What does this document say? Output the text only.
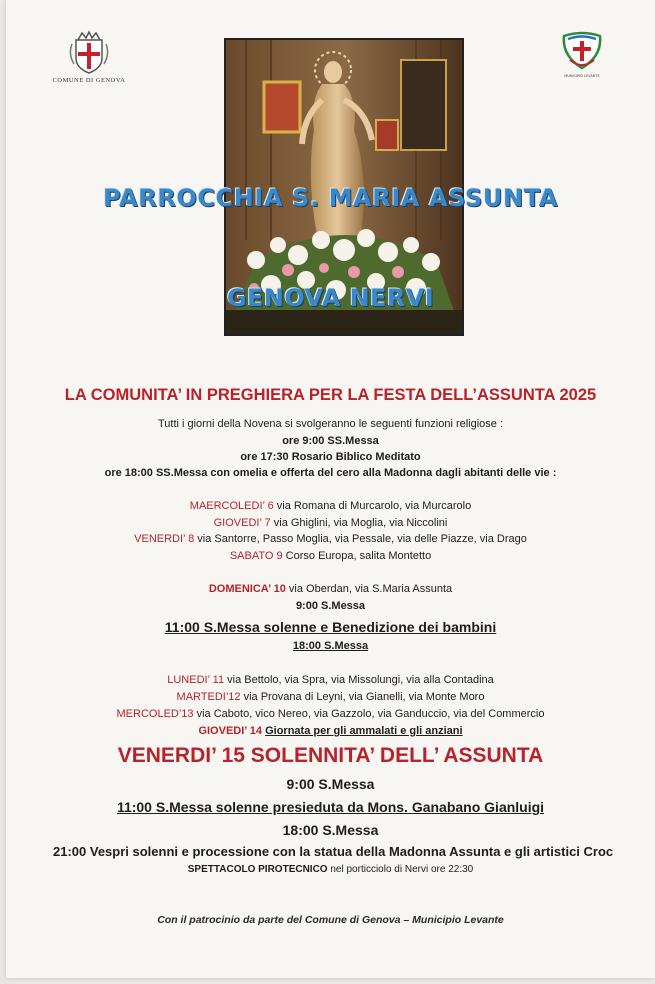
COMUNE DI GENOVA
MUNICIPIO LEVANTE
PARROCCHIA S. MARIA ASSUNTA
GENOVA NERVI
LA COMUNITA’ IN PREGHIERA PER LA FESTA DELL’ASSUNTA 2025
Tutti i giorni della Novena si svolgeranno le seguenti funzioni religiose :
ore 9:00 SS.Messa
ore 17:30 Rosario Biblico Meditato
ore 18:00 SS.Messa con omelia e offerta del cero alla Madonna dagli abitanti delle vie :
MAERCOLEDI’ 6 via Romana di Murcarolo, via Murcarolo
GIOVEDI’ 7 via Ghiglini, via Moglia, via Niccolini
VENERDI’ 8 via Santorre, Passo Moglia, via Pessale, via delle Piazze, via Drago
SABATO 9 Corso Europa, salita Montetto
DOMENICA’ 10 via Oberdan, via S.Maria Assunta
9:00 S.Messa
11:00 S.Messa solenne e Benedizione dei bambini
18:00 S.Messa
LUNEDI’ 11 via Bettolo, via Spra, via Missolungi, via alla Contadina
MARTEDI’12 via Provana di Leyni, via Gianelli, via Monte Moro
MERCOLED’13 via Caboto, vico Nereo, via Gazzolo, via Ganduccio, via del Commercio
GIOVEDI’ 14 Giornata per gli ammalati e gli anziani
VENERDI’ 15 SOLENNITA’ DELL’ ASSUNTA
9:00 S.Messa
11:00 S.Messa solenne presieduta da Mons. Ganabano Gianluigi
18:00 S.Messa
21:00 Vespri solenni e processione con la statua della Madonna Assunta e gli artistici Croc
SPETTACOLO PIROTECNICO nel porticciolo di Nervi ore 22:30
Con il patrocinio da parte del Comune di Genova – Municipio Levante
